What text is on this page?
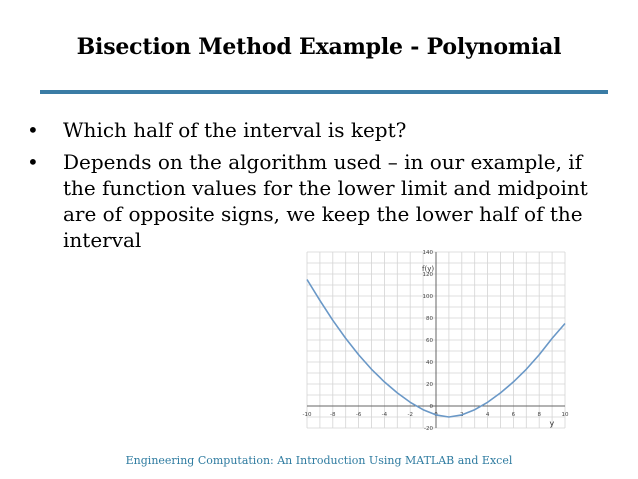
Bisection Method Example - Polynomial
•	Which half of the interval is kept?
•	Depends on the algorithm used – in our example, if the function values for the lower limit and midpoint are of opposite signs, we keep the lower half of the interval
-10	-8	-6	-4	-2	0	2	4	6	8	10
-20
0
20
40
60
80
100
120
140
f(y)
y
Engineering Computation: An Introduction Using MATLAB and Excel
